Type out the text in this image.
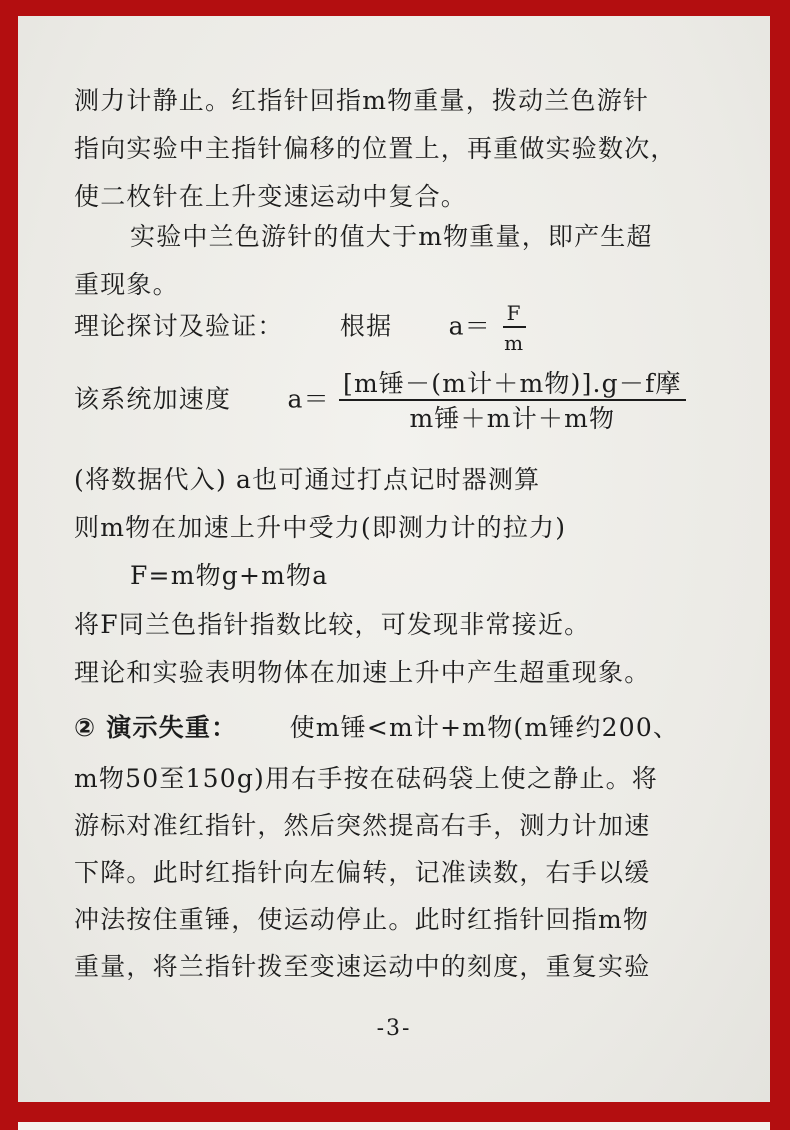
测力计静止。红指针回指m物重量，拨动兰色游针
指向实验中主指针偏移的位置上，再重做实验数次，
使二枚针在上升变速运动中复合。
实验中兰色游针的值大于m物重量，即产生超
重现象。
理论探讨及验证： 根据 $a= \frac{F}{m}$
该系统加速度 $a= \frac{\text{[m锤－(m计＋m物)].g－f摩}}{\text{m锤＋m计＋m物}}$
(将数据代入) a也可通过打点记时器测算
则m物在加速上升中受力(即测力计的拉力)
F=m物g+m物a
将F同兰色指针指数比较，可发现非常接近。
理论和实验表明物体在加速上升中产生超重现象。
② 演示失重： 使m锤<m计+m物(m锤约200、
m物50至150g)用右手按在砝码袋上使之静止。将
游标对准红指针，然后突然提高右手，测力计加速
下降。此时红指针向左偏转，记准读数，右手以缓
冲法按住重锤，使运动停止。此时红指针回指m物
重量，将兰指针拨至变速运动中的刻度，重复实验
-3-
